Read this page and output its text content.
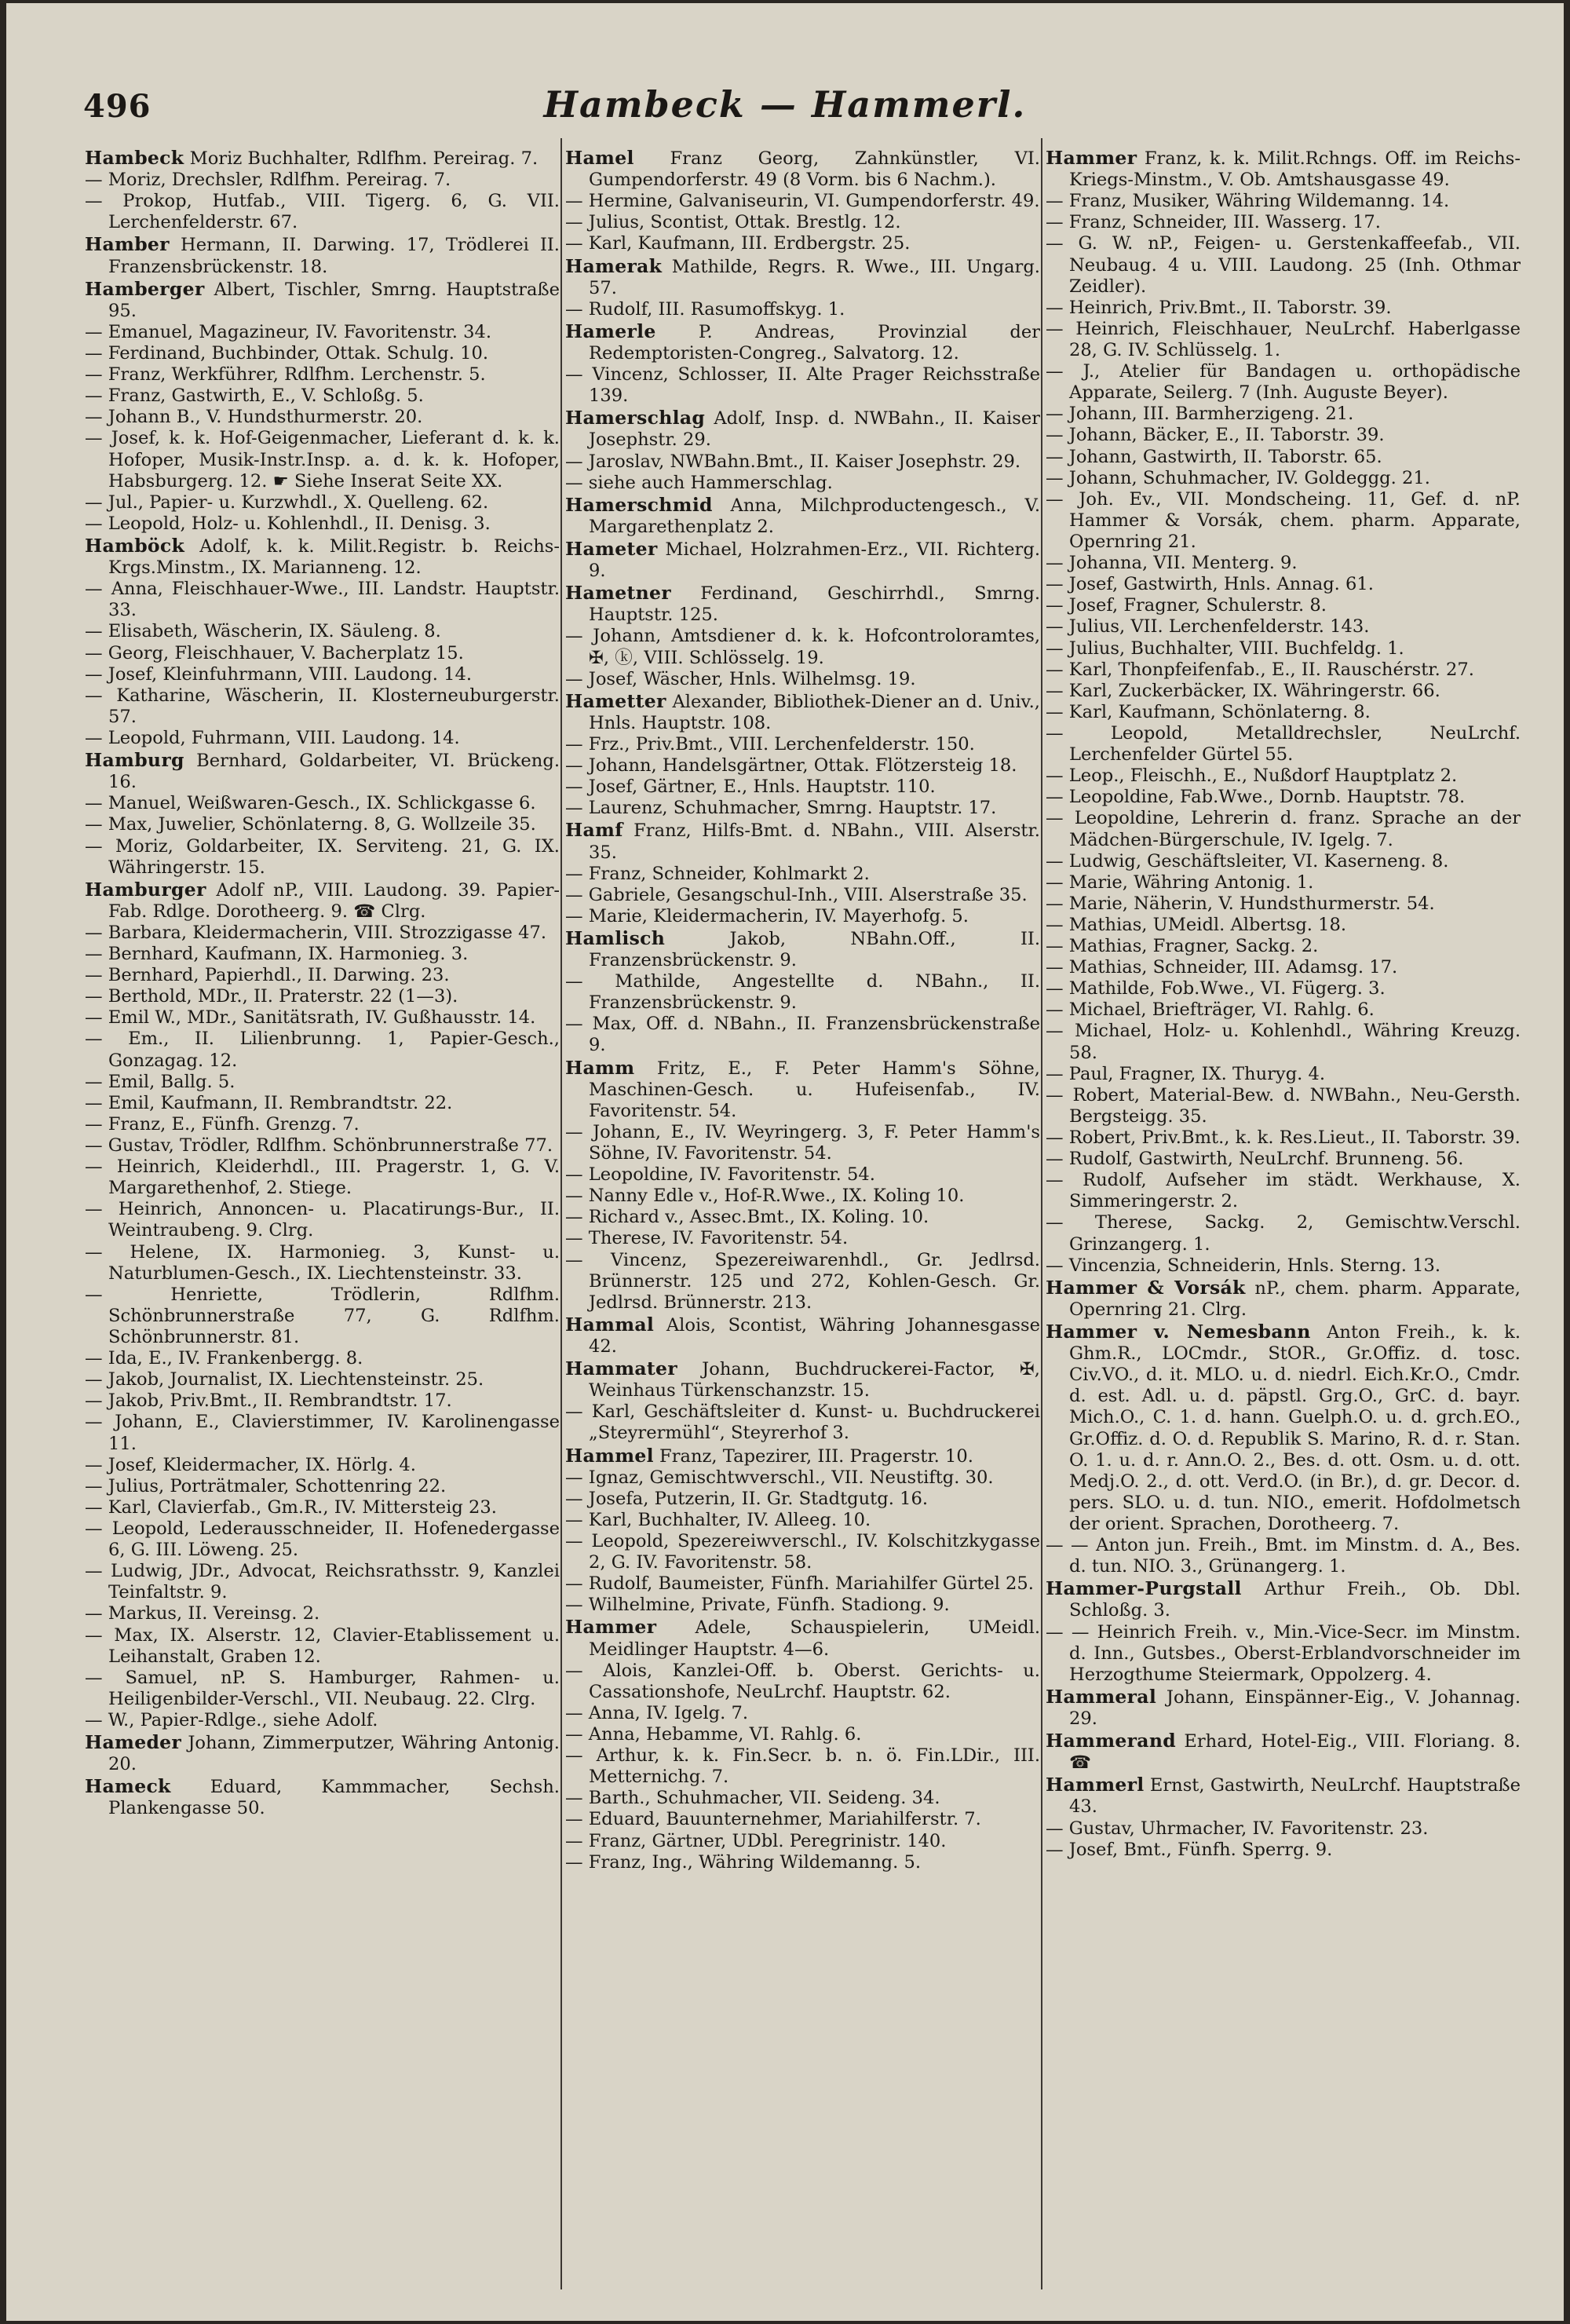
496	Hambeck — Hammerl.

Hambeck Moriz Buchhalter, Rdlfhm. Pereirag. 7.

— Moriz, Drechsler, Rdlfhm. Pereirag. 7.

— Prokop, Hutfab., VIII. Tigerg. 6, G. VII. Lerchenfelderstr. 67.

Hamber Hermann, II. Darwing. 17, Trödlerei II. Franzensbrückenstr. 18.

Hamberger Albert, Tischler, Smrng. Hauptstraße 95.

— Emanuel, Magazineur, IV. Favoritenstr. 34.

— Ferdinand, Buchbinder, Ottak. Schulg. 10.

— Franz, Werkführer, Rdlfhm. Lerchenstr. 5.

— Franz, Gastwirth, E., V. Schloßg. 5.

— Johann B., V. Hundsthurmerstr. 20.

— Josef, k. k. Hof-Geigenmacher, Lieferant d. k. k. Hofoper, Musik-Instr.Insp. a. d. k. k. Hofoper, Habsburgerg. 12. ☛ Siehe Inserat Seite XX.

— Jul., Papier- u. Kurzwhdl., X. Quelleng. 62.

— Leopold, Holz- u. Kohlenhdl., II. Denisg. 3.

Hamböck Adolf, k. k. Milit.Registr. b. Reichs-Krgs.Minstm., IX. Marianneng. 12.

— Anna, Fleischhauer-Wwe., III. Landstr. Hauptstr. 33.

— Elisabeth, Wäscherin, IX. Säuleng. 8.

— Georg, Fleischhauer, V. Bacherplatz 15.

— Josef, Kleinfuhrmann, VIII. Laudong. 14.

— Katharine, Wäscherin, II. Klosterneuburgerstr. 57.

— Leopold, Fuhrmann, VIII. Laudong. 14.

Hamburg Bernhard, Goldarbeiter, VI. Brückeng. 16.

— Manuel, Weißwaren-Gesch., IX. Schlickgasse 6.

— Max, Juwelier, Schönlaterng. 8, G. Wollzeile 35.

— Moriz, Goldarbeiter, IX. Serviteng. 21, G. IX. Währingerstr. 15.

Hamburger Adolf nP., VIII. Laudong. 39. Papier-Fab. Rdlge. Dorotheerg. 9. ☎ Clrg.

— Barbara, Kleidermacherin, VIII. Strozzigasse 47.

— Bernhard, Kaufmann, IX. Harmonieg. 3.

— Bernhard, Papierhdl., II. Darwing. 23.

— Berthold, MDr., II. Praterstr. 22 (1—3).

— Emil W., MDr., Sanitätsrath, IV. Gußhausstr. 14.

— Em., II. Lilienbrunng. 1, Papier-Gesch., Gonzagag. 12.

— Emil, Ballg. 5.

— Emil, Kaufmann, II. Rembrandtstr. 22.

— Franz, E., Fünfh. Grenzg. 7.

— Gustav, Trödler, Rdlfhm. Schönbrunnerstraße 77.

— Heinrich, Kleiderhdl., III. Pragerstr. 1, G. V. Margarethenhof, 2. Stiege.

— Heinrich, Annoncen- u. Placatirungs-Bur., II. Weintraubeng. 9. Clrg.

— Helene, IX. Harmonieg. 3, Kunst- u. Naturblumen-Gesch., IX. Liechtensteinstr. 33.

— Henriette, Trödlerin, Rdlfhm. Schönbrunnerstraße 77, G. Rdlfhm. Schönbrunnerstr. 81.

— Ida, E., IV. Frankenbergg. 8.

— Jakob, Journalist, IX. Liechtensteinstr. 25.

— Jakob, Priv.Bmt., II. Rembrandtstr. 17.

— Johann, E., Clavierstimmer, IV. Karolinengasse 11.

— Josef, Kleidermacher, IX. Hörlg. 4.

— Julius, Porträtmaler, Schottenring 22.

— Karl, Clavierfab., Gm.R., IV. Mittersteig 23.

— Leopold, Lederausschneider, II. Hofenedergasse 6, G. III. Löweng. 25.

— Ludwig, JDr., Advocat, Reichsrathsstr. 9, Kanzlei Teinfaltstr. 9.

— Markus, II. Vereinsg. 2.

— Max, IX. Alserstr. 12, Clavier-Etablissement u. Leihanstalt, Graben 12.

— Samuel, nP. S. Hamburger, Rahmen- u. Heiligenbilder-Verschl., VII. Neubaug. 22. Clrg.

— W., Papier-Rdlge., siehe Adolf.

Hameder Johann, Zimmerputzer, Währing Antonig. 20.

Hameck Eduard, Kammmacher, Sechsh. Plankengasse 50.

Hamel Franz Georg, Zahnkünstler, VI. Gumpendorferstr. 49 (8 Vorm. bis 6 Nachm.).

— Hermine, Galvaniseurin, VI. Gumpendorferstr. 49.

— Julius, Scontist, Ottak. Brestlg. 12.

— Karl, Kaufmann, III. Erdbergstr. 25.

Hamerak Mathilde, Regrs. R. Wwe., III. Ungarg. 57.

— Rudolf, III. Rasumoffskyg. 1.

Hamerle P. Andreas, Provinzial der Redemptoristen-Congreg., Salvatorg. 12.

— Vincenz, Schlosser, II. Alte Prager Reichsstraße 139.

Hamerschlag Adolf, Insp. d. NWBahn., II. Kaiser Josephstr. 29.

— Jaroslav, NWBahn.Bmt., II. Kaiser Josephstr. 29.

— siehe auch Hammerschlag.

Hamerschmid Anna, Milchproductengesch., V. Margarethenplatz 2.

Hameter Michael, Holzrahmen-Erz., VII. Richterg. 9.

Hametner Ferdinand, Geschirrhdl., Smrng. Hauptstr. 125.

— Johann, Amtsdiener d. k. k. Hofcontroloramtes, ✠, ⓚ, VIII. Schlösselg. 19.

— Josef, Wäscher, Hnls. Wilhelmsg. 19.

Hametter Alexander, Bibliothek-Diener an d. Univ., Hnls. Hauptstr. 108.

— Frz., Priv.Bmt., VIII. Lerchenfelderstr. 150.

— Johann, Handelsgärtner, Ottak. Flötzersteig 18.

— Josef, Gärtner, E., Hnls. Hauptstr. 110.

— Laurenz, Schuhmacher, Smrng. Hauptstr. 17.

Hamf Franz, Hilfs-Bmt. d. NBahn., VIII. Alserstr. 35.

— Franz, Schneider, Kohlmarkt 2.

— Gabriele, Gesangschul-Inh., VIII. Alserstraße 35.

— Marie, Kleidermacherin, IV. Mayerhofg. 5.

Hamlisch	Jakob, NBahn.Off., II. Franzensbrückenstr. 9.

— Mathilde, Angestellte d. NBahn., II. Franzensbrückenstr. 9.

— Max, Off. d. NBahn., II. Franzensbrückenstraße 9.

Hamm Fritz, E., F. Peter Hamm's Söhne, Maschinen-Gesch. u. Hufeisenfab., IV. Favoritenstr. 54.

— Johann, E., IV. Weyringerg. 3, F. Peter Hamm's Söhne, IV. Favoritenstr. 54.

— Leopoldine, IV. Favoritenstr. 54.

— Nanny Edle v., Hof-R.Wwe., IX. Koling 10.

— Richard v., Assec.Bmt., IX. Koling. 10.

— Therese, IV. Favoritenstr. 54.

— Vincenz, Spezereiwarenhdl., Gr. Jedlrsd. Brünnerstr. 125 und 272, Kohlen-Gesch. Gr. Jedlrsd. Brünnerstr. 213.

Hammal Alois, Scontist, Währing Johannesgasse 42.

Hammater Johann, Buchdruckerei-Factor, ✠, Weinhaus Türkenschanzstr. 15.

— Karl, Geschäftsleiter d. Kunst- u. Buchdruckerei „Steyrermühl“, Steyrerhof 3.

Hammel Franz, Tapezirer, III. Pragerstr. 10.

— Ignaz, Gemischtwverschl., VII. Neustiftg. 30.

— Josefa, Putzerin, II. Gr. Stadtgutg. 16.

— Karl, Buchhalter, IV. Alleeg. 10.

— Leopold, Spezereiwverschl., IV. Kolschitzkygasse 2, G. IV. Favoritenstr. 58.

— Rudolf, Baumeister, Fünfh. Mariahilfer Gürtel 25.

— Wilhelmine, Private, Fünfh. Stadiong. 9.

Hammer Adele, Schauspielerin, UMeidl. Meidlinger Hauptstr. 4—6.

— Alois, Kanzlei-Off. b. Oberst. Gerichts- u. Cassationshofe, NeuLrchf. Hauptstr. 62.

— Anna, IV. Igelg. 7.

— Anna, Hebamme, VI. Rahlg. 6.

— Arthur, k. k. Fin.Secr. b. n. ö. Fin.LDir., III. Metternichg. 7.

— Barth., Schuhmacher, VII. Seideng. 34.

— Eduard, Bauunternehmer, Mariahilferstr. 7.

— Franz, Gärtner, UDbl. Peregrinistr. 140.

— Franz, Ing., Währing Wildemanng. 5.

Hammer Franz, k. k. Milit.Rchngs. Off. im Reichs-Kriegs-Minstm., V. Ob. Amtshausgasse 49.

— Franz, Musiker, Währing Wildemanng. 14.

— Franz, Schneider, III. Wasserg. 17.

— G. W. nP., Feigen- u. Gerstenkaffeefab., VII. Neubaug. 4 u. VIII. Laudong. 25 (Inh. Othmar Zeidler).

— Heinrich, Priv.Bmt., II. Taborstr. 39.

— Heinrich, Fleischhauer, NeuLrchf. Haberlgasse 28, G. IV. Schlüsselg. 1.

— J., Atelier für Bandagen u. orthopädische Apparate, Seilerg. 7 (Inh. Auguste Beyer).

— Johann, III. Barmherzigeng. 21.

— Johann, Bäcker, E., II. Taborstr. 39.

— Johann, Gastwirth, II. Taborstr. 65.

— Johann, Schuhmacher, IV. Goldeggg. 21.

— Joh. Ev., VII. Mondscheing. 11, Gef. d. nP. Hammer & Vorsák, chem. pharm. Apparate, Opernring 21.

— Johanna, VII. Menterg. 9.

— Josef, Gastwirth, Hnls. Annag. 61.

— Josef, Fragner, Schulerstr. 8.

— Julius, VII. Lerchenfelderstr. 143.

— Julius, Buchhalter, VIII. Buchfeldg. 1.

— Karl, Thonpfeifenfab., E., II. Rauschérstr. 27.

— Karl, Zuckerbäcker, IX. Währingerstr. 66.

— Karl, Kaufmann, Schönlaterng. 8.

— Leopold, Metalldrechsler, NeuLrchf. Lerchenfelder Gürtel 55.

— Leop., Fleischh., E., Nußdorf Hauptplatz 2.

— Leopoldine, Fab.Wwe., Dornb. Hauptstr. 78.

— Leopoldine, Lehrerin d. franz. Sprache an der Mädchen-Bürgerschule, IV. Igelg. 7.

— Ludwig, Geschäftsleiter, VI. Kaserneng. 8.

— Marie, Währing Antonig. 1.

— Marie, Näherin, V. Hundsthurmerstr. 54.

— Mathias, UMeidl. Albertsg. 18.

— Mathias, Fragner, Sackg. 2.

— Mathias, Schneider, III. Adamsg. 17.

— Mathilde, Fob.Wwe., VI. Fügerg. 3.

— Michael, Briefträger, VI. Rahlg. 6.

— Michael, Holz- u. Kohlenhdl., Währing Kreuzg. 58.

— Paul, Fragner, IX. Thuryg. 4.

— Robert, Material-Bew. d. NWBahn., Neu-Gersth. Bergsteigg. 35.

— Robert, Priv.Bmt., k. k. Res.Lieut., II. Taborstr. 39.

— Rudolf, Gastwirth, NeuLrchf. Brunneng. 56.

— Rudolf, Aufseher im städt. Werkhause, X. Simmeringerstr. 2.

— Therese, Sackg. 2, Gemischtw.Verschl. Grinzangerg. 1.

— Vincenzia, Schneiderin, Hnls. Sterng. 13.

Hammer & Vorsák nP., chem. pharm. Apparate, Opernring 21. Clrg.

Hammer v. Nemesbann Anton Freih., k. k. Ghm.R., LOCmdr., StOR., Gr.Offiz. d. tosc. Civ.VO., d. it. MLO. u. d. niedrl. Eich.Kr.O., Cmdr. d. est. Adl. u. d. päpstl. Grg.O., GrC. d. bayr. Mich.O., C. 1. d. hann. Guelph.O. u. d. grch.EO., Gr.Offiz. d. O. d. Republik S. Marino, R. d. r. Stan. O. 1. u. d. r. Ann.O. 2., Bes. d. ott. Osm. u. d. ott. Medj.O. 2., d. ott. Verd.O. (in Br.), d. gr. Decor. d. pers. SLO. u. d. tun. NIO., emerit. Hofdolmetsch der orient. Sprachen, Dorotheerg. 7.

— — Anton jun. Freih., Bmt. im Minstm. d. A., Bes. d. tun. NIO. 3., Grünangerg. 1.

Hammer-Purgstall Arthur Freih., Ob. Dbl. Schloßg. 3.

— — Heinrich Freih. v., Min.-Vice-Secr. im Minstm. d. Inn., Gutsbes., Oberst-Erblandvorschneider im Herzogthume Steiermark, Oppolzerg. 4.

Hammeral Johann, Einspänner-Eig., V. Johannag. 29.

Hammerand Erhard, Hotel-Eig., VIII. Floriang. 8. ☎

Hammerl Ernst, Gastwirth, NeuLrchf. Hauptstraße 43.

— Gustav, Uhrmacher, IV. Favoritenstr. 23.

— Josef, Bmt., Fünfh. Sperrg. 9.
